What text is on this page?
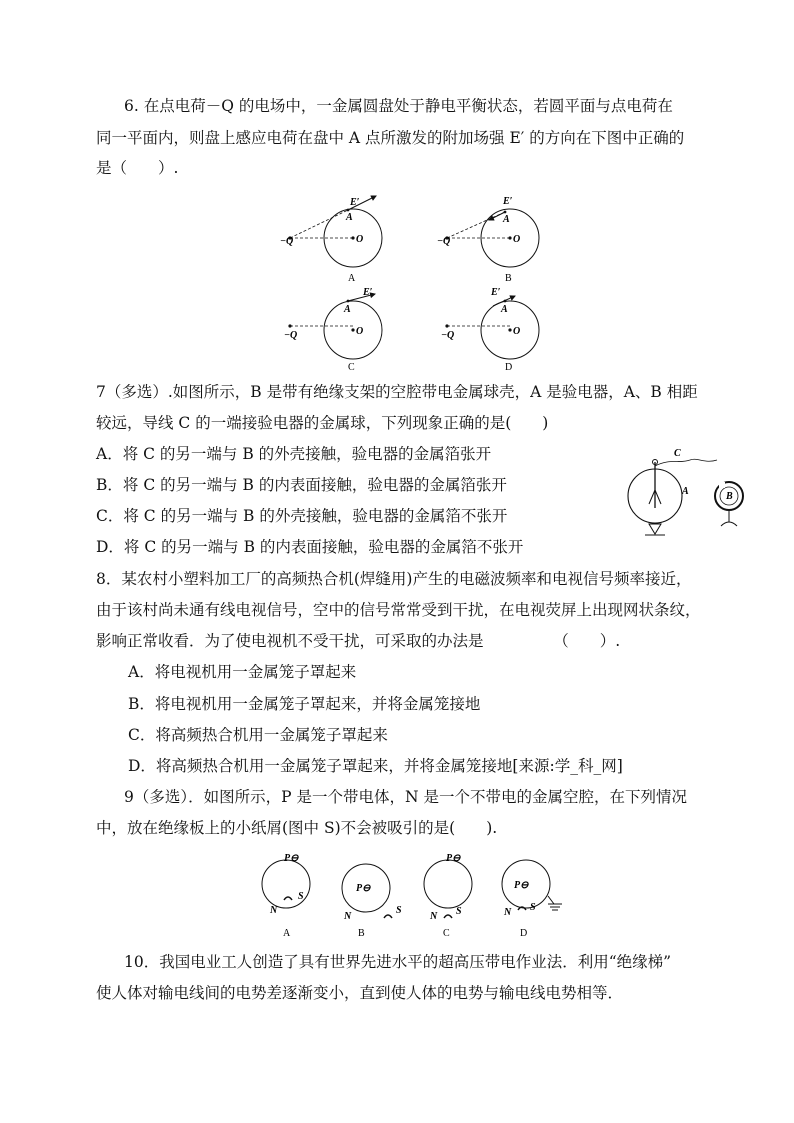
6. 在点电荷－Q 的电场中，一金属圆盘处于静电平衡状态，若圆平面与点电荷在
同一平面内，则盘上感应电荷在盘中 A 点所激发的附加场强 E′ 的方向在下图中正确的
是（　　）.
−Q	O
A
E′
A
−Q	O
A
E′
B
−Q	O
A
E′
C
−Q	O
A
E′
D
7（多选）.如图所示，B 是带有绝缘支架的空腔带电金属球壳，A 是验电器，A、B 相距
较远，导线 C 的一端接验电器的金属球，下列现象正确的是(　　)
A．将 C 的另一端与 B 的外壳接触，验电器的金属箔张开
B．将 C 的另一端与 B 的内表面接触，验电器的金属箔张开
C．将 C 的另一端与 B 的外壳接触，验电器的金属箔不张开
D．将 C 的另一端与 B 的内表面接触，验电器的金属箔不张开
C
A	B
8．某农村小塑料加工厂的高频热合机(焊缝用)产生的电磁波频率和电视信号频率接近，
由于该村尚未通有线电视信号，空中的信号常常受到干扰，在电视荧屏上出现网状条纹，
影响正常收看．为了使电视机不受干扰，可采取的办法是　　　　　（　　）.
A．将电视机用一金属笼子罩起来
B．将电视机用一金属笼子罩起来，并将金属笼接地
C．将高频热合机用一金属笼子罩起来
D．将高频热合机用一金属笼子罩起来，并将金属笼接地[来源:学_科_网]
9（多选）．如图所示，P 是一个带电体，N 是一个不带电的金属空腔，在下列情况
中，放在绝缘板上的小纸屑(图中 S)不会被吸引的是(　　).
P⊖
N
S
A
P⊖
N
S
B
P⊖
N S
C
P⊖
N S
D
10．我国电业工人创造了具有世界先进水平的超高压带电作业法．利用“绝缘梯”
使人体对输电线间的电势差逐渐变小，直到使人体的电势与输电线电势相等．
